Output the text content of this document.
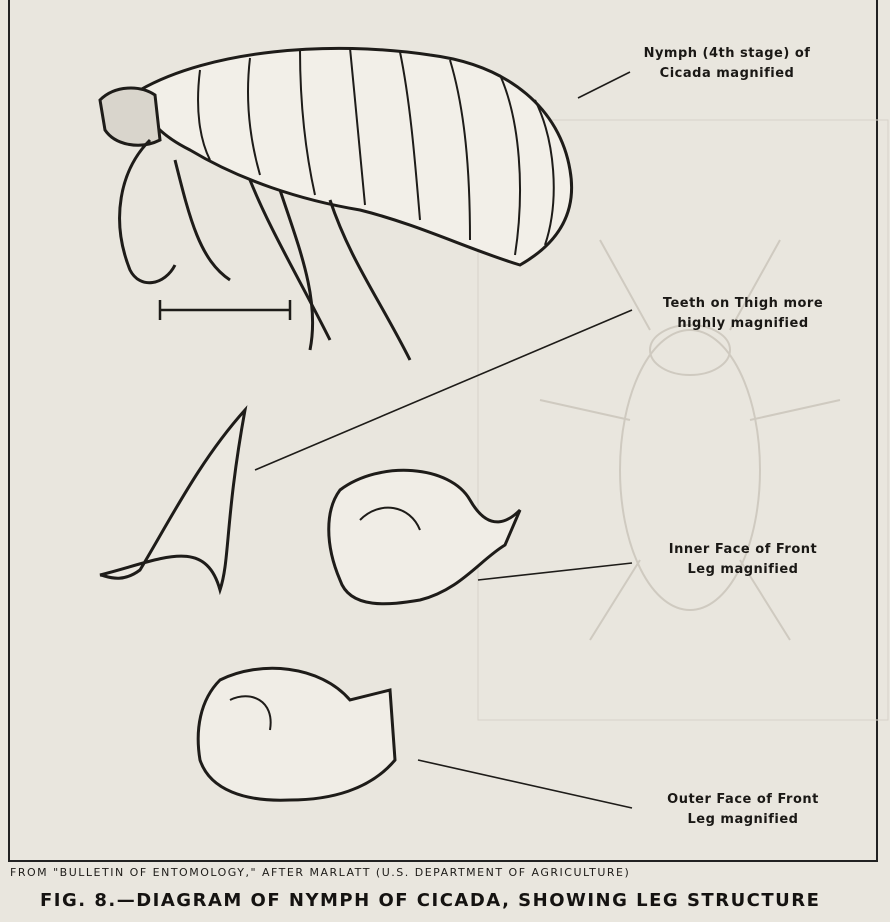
Nymph (4th stage) of
Cicada magnified
Teeth on Thigh more
highly magnified
Inner Face of Front
Leg magnified
Outer Face of Front
Leg magnified
FROM "BULLETIN OF ENTOMOLOGY," AFTER MARLATT (U.S. DEPARTMENT OF AGRICULTURE)
FIG. 8.—DIAGRAM OF NYMPH OF CICADA, SHOWING LEG STRUCTURE
